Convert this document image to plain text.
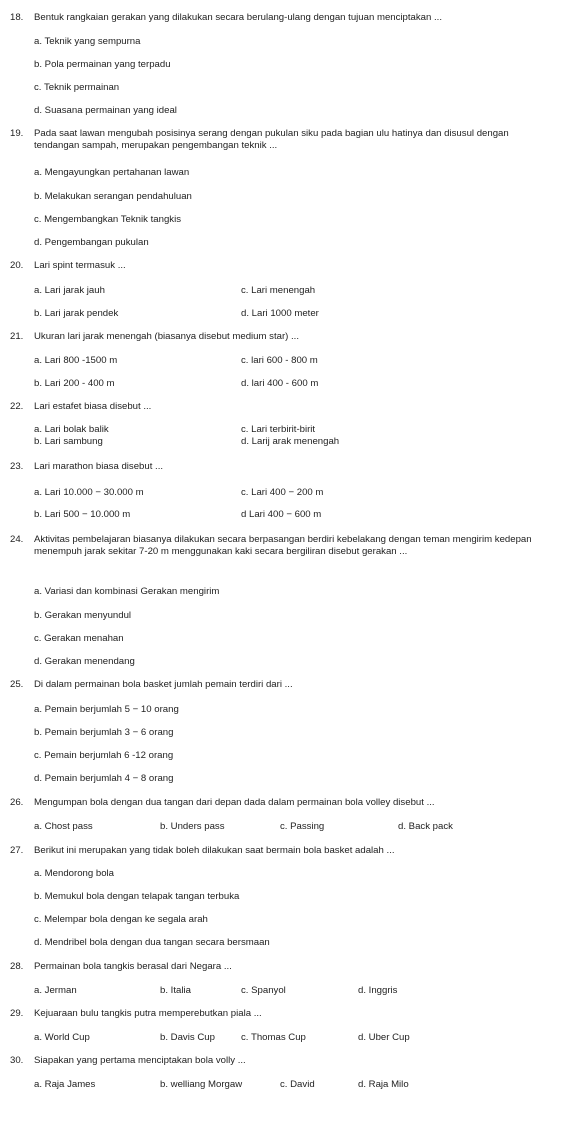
18. Bentuk rangkaian gerakan yang dilakukan secara berulang-ulang dengan tujuan menciptakan ...
a. Teknik yang sempurna
b. Pola permainan yang terpadu
c. Teknik permainan
d. Suasana permainan yang ideal
19. Pada saat lawan mengubah posisinya serang dengan pukulan siku pada bagian ulu hatinya dan disusul dengan tendangan sampah, merupakan pengembangan teknik ...
a. Mengayungkan pertahanan lawan
b. Melakukan serangan pendahuluan
c. Mengembangkan Teknik tangkis
d. Pengembangan pukulan
20. Lari spint termasuk ...
a. Lari jarak jauh	c. Lari menengah
b. Lari jarak pendek	d. Lari 1000 meter
21. Ukuran lari jarak menengah (biasanya disebut medium star) ...
a. Lari 800 -1500 m	c. lari 600 - 800 m
b. Lari 200 - 400 m	d. lari 400 - 600 m
22. Lari estafet biasa disebut ...
a. Lari bolak balik	c. Lari terbirit-birit
b. Lari sambung	d. Larij arak menengah
23. Lari marathon biasa disebut ...
a. Lari 10.000 − 30.000 m	c. Lari 400 − 200 m
b. Lari 500 − 10.000 m	d Lari 400 − 600 m
24. Aktivitas pembelajaran biasanya dilakukan secara berpasangan berdiri kebelakang dengan teman mengirim kedepan menempuh jarak sekitar 7-20 m menggunakan kaki secara bergiliran disebut gerakan ...
a. Variasi dan kombinasi Gerakan mengirim
b. Gerakan menyundul
c. Gerakan menahan
d. Gerakan menendang
25. Di dalam permainan bola basket jumlah pemain terdiri dari ...
a. Pemain berjumlah 5 − 10 orang
b. Pemain berjumlah 3 − 6 orang
c. Pemain berjumlah 6 -12 orang
d. Pemain berjumlah 4 − 8 orang
26. Mengumpan bola dengan dua tangan dari depan dada dalam permainan bola volley disebut ...
a. Chost pass	b. Unders pass	c. Passing	d. Back pack
27. Berikut ini merupakan yang tidak boleh dilakukan saat bermain bola basket adalah ...
a. Mendorong bola
b. Memukul bola dengan telapak tangan terbuka
c. Melempar bola dengan ke segala arah
d. Mendribel bola dengan dua tangan secara bersmaan
28. Permainan bola tangkis berasal dari Negara ...
a. Jerman	b. Italia	c. Spanyol	d. Inggris
29. Kejuaraan bulu tangkis putra memperebutkan piala ...
a. World Cup	b. Davis Cup	c. Thomas Cup	d. Uber Cup
30. Siapakan yang pertama menciptakan bola volly ...
a. Raja James	b. welliang Morgaw	c. David	d. Raja Milo
